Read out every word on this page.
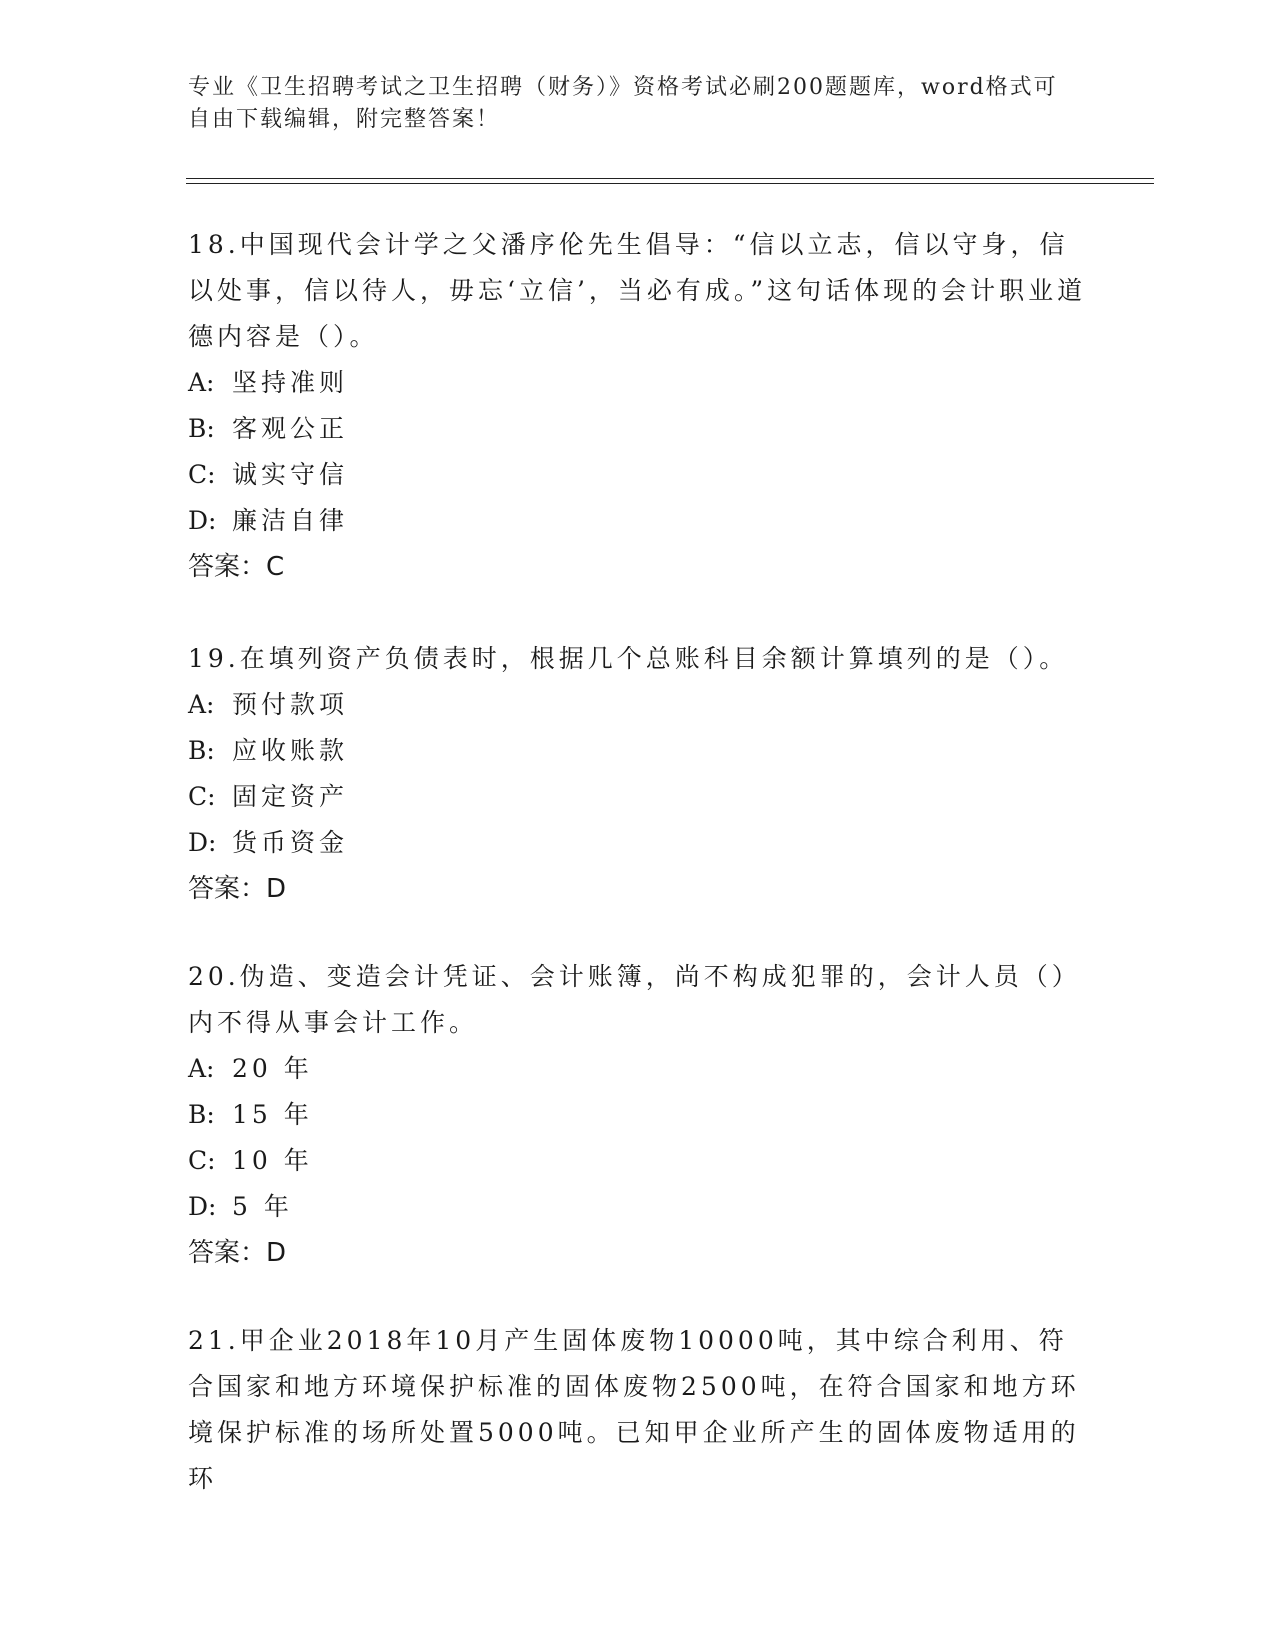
专业《卫生招聘考试之卫生招聘（财务）》资格考试必刷200题题库，word格式可自由下载编辑，附完整答案！

18.中国现代会计学之父潘序伦先生倡导：“信以立志，信以守身，信以处事，信以待人，毋忘‘立信’，当必有成。”这句话体现的会计职业道德内容是（）。

A: 坚持准则

B: 客观公正

C: 诚实守信

D: 廉洁自律

答案：C

19.在填列资产负债表时，根据几个总账科目余额计算填列的是（）。

A: 预付款项

B: 应收账款

C: 固定资产

D: 货币资金

答案：D

20.伪造、变造会计凭证、会计账簿，尚不构成犯罪的，会计人员（）内不得从事会计工作。

A: 20 年

B: 15 年

C: 10 年

D: 5 年

答案：D

21.甲企业2018年10月产生固体废物10000吨，其中综合利用、符合国家和地方环境保护标准的固体废物2500吨，在符合国家和地方环境保护标准的场所处置5000吨。已知甲企业所产生的固体废物适用的环
